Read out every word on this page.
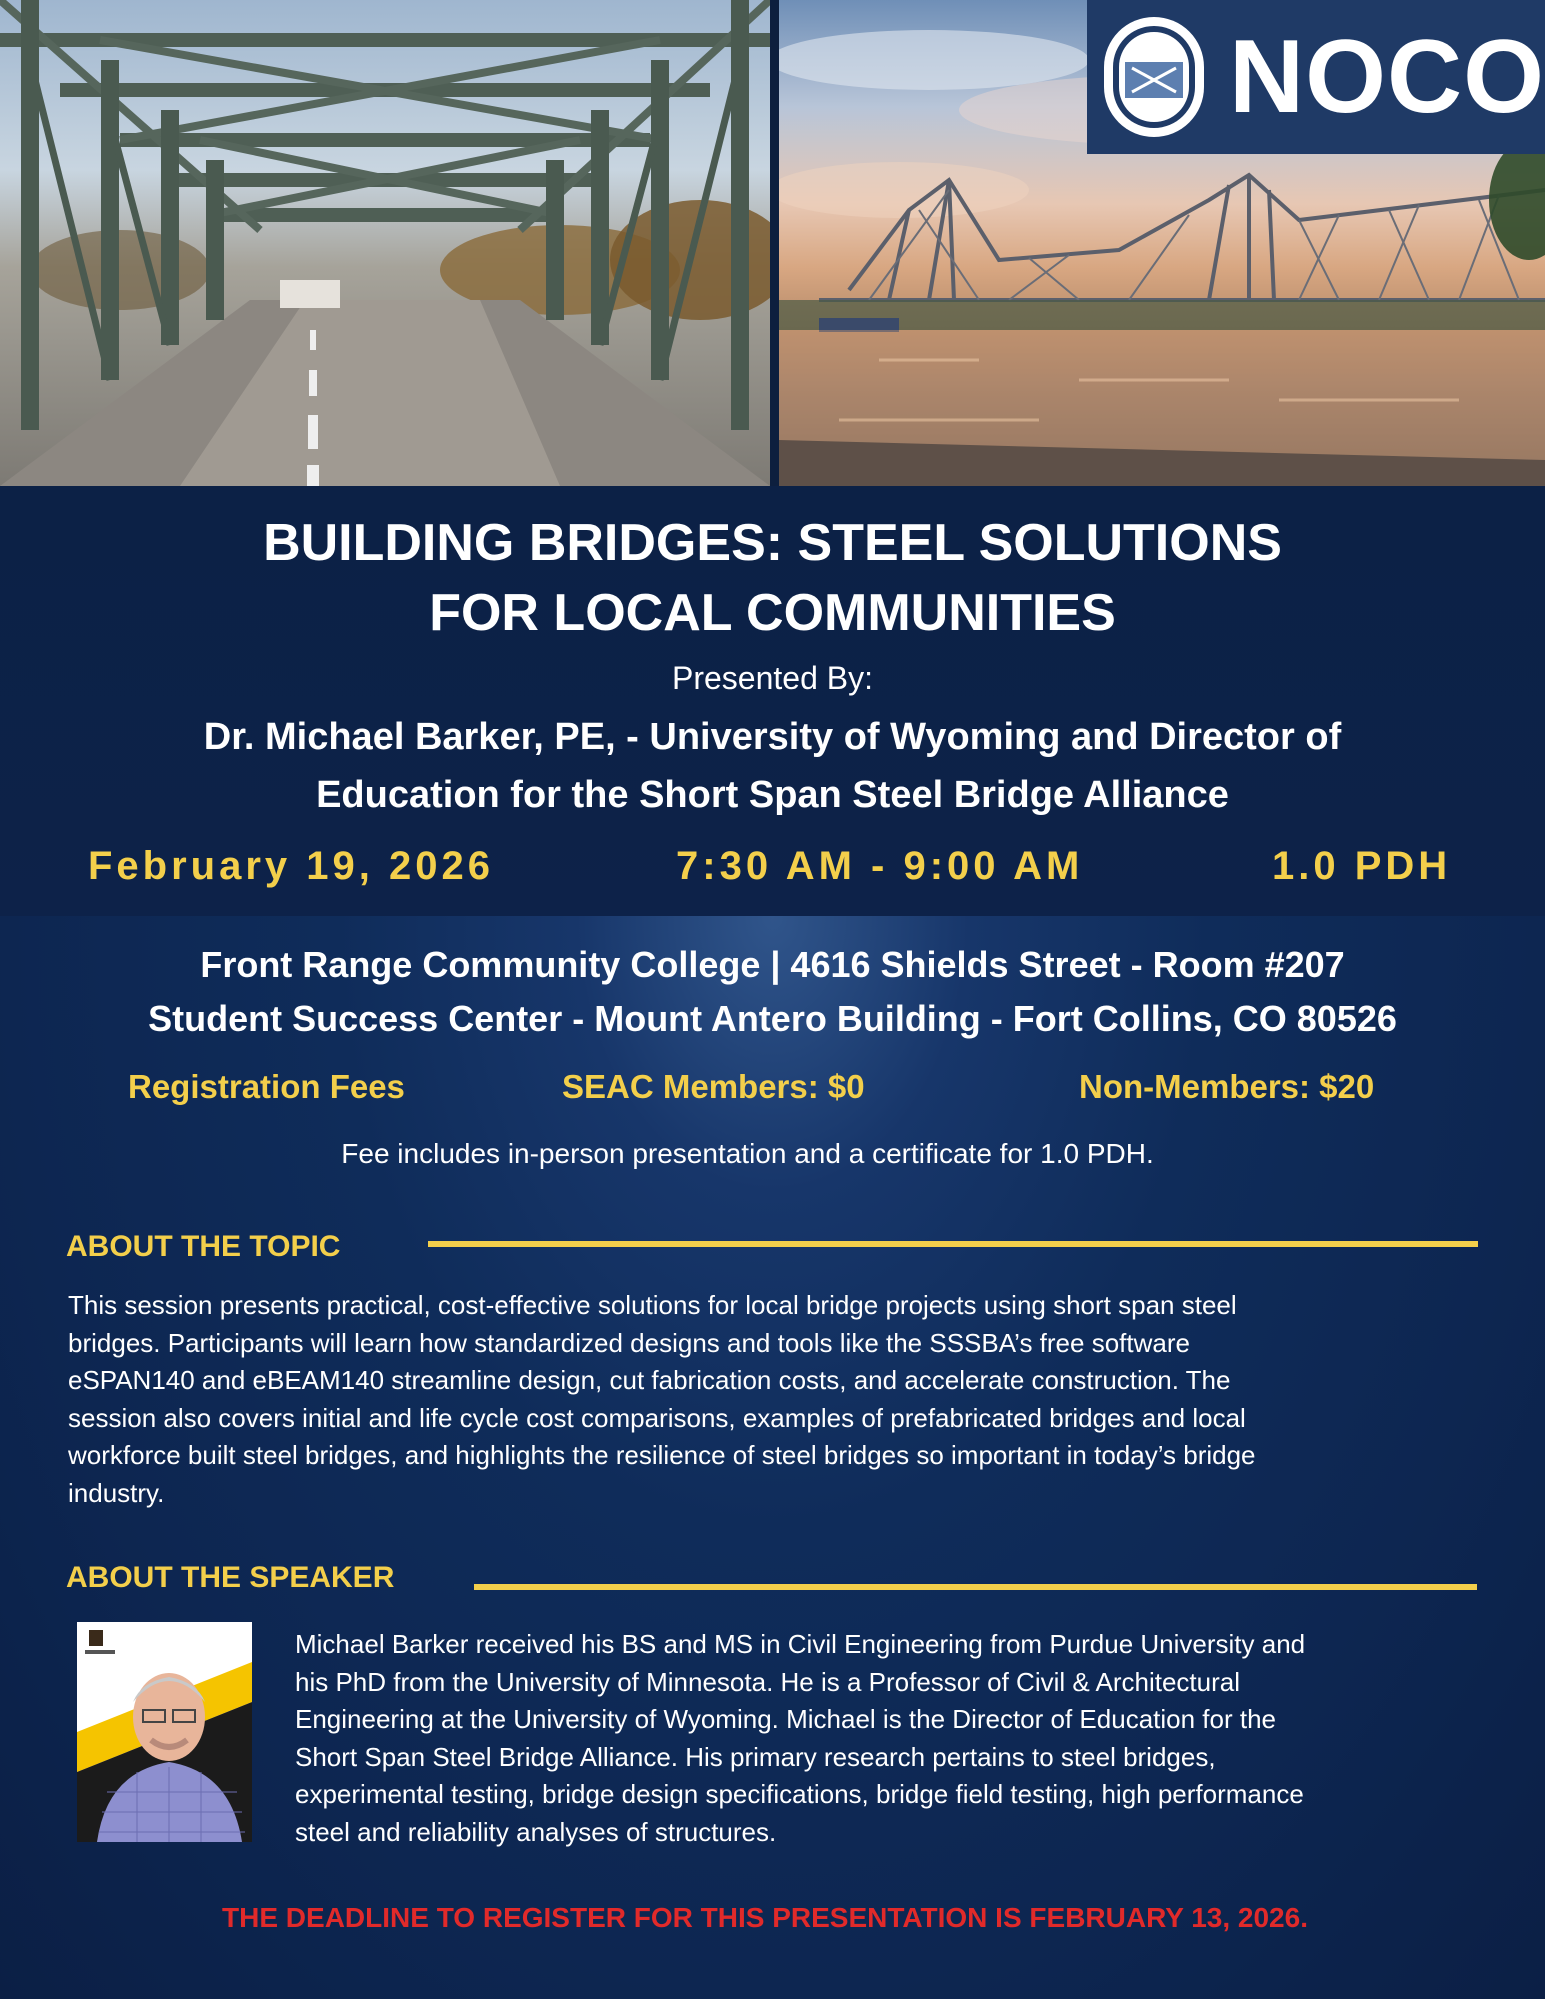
NOCO
BUILDING BRIDGES: STEEL SOLUTIONS
FOR LOCAL COMMUNITIES
Presented By:
Dr. Michael Barker, PE, - University of Wyoming and Director of
Education for the Short Span Steel Bridge Alliance
February 19, 2026	7:30 AM - 9:00 AM	1.0 PDH
Front Range Community College | 4616 Shields Street - Room #207
Student Success Center - Mount Antero Building - Fort Collins, CO 80526
Registration Fees	SEAC Members: $0	Non-Members: $20
Fee includes in-person presentation and a certificate for 1.0 PDH.
ABOUT THE TOPIC
This session presents practical, cost-effective solutions for local bridge projects using short span steel
bridges. Participants will learn how standardized designs and tools like the SSSBA’s free software
eSPAN140 and eBEAM140 streamline design, cut fabrication costs, and accelerate construction. The
session also covers initial and life cycle cost comparisons, examples of prefabricated bridges and local
workforce built steel bridges, and highlights the resilience of steel bridges so important in today’s bridge
industry.
ABOUT THE SPEAKER
Michael Barker received his BS and MS in Civil Engineering from Purdue University and
his PhD from the University of Minnesota. He is a Professor of Civil & Architectural
Engineering at the University of Wyoming. Michael is the Director of Education for the
Short Span Steel Bridge Alliance. His primary research pertains to steel bridges,
experimental testing, bridge design specifications, bridge field testing, high performance
steel and reliability analyses of structures.
THE DEADLINE TO REGISTER FOR THIS PRESENTATION IS FEBRUARY 13, 2026.
